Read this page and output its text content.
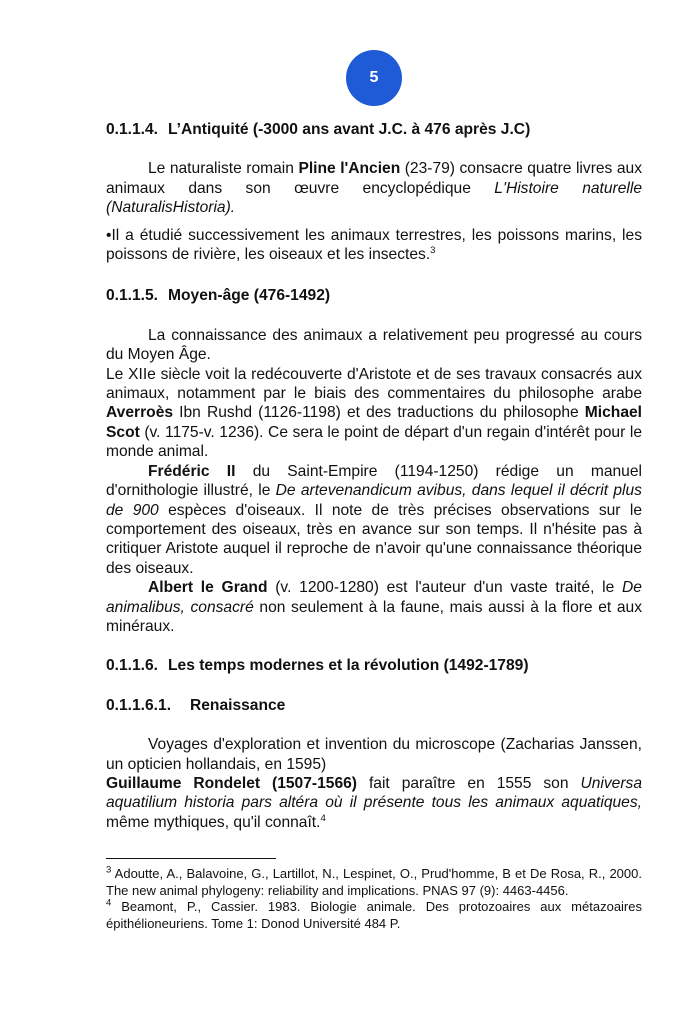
5
0.1.1.4. L’Antiquité (-3000 ans avant J.C. à 476 après J.C)

Le naturaliste romain Pline l'Ancien (23-79) consacre quatre livres aux animaux dans son œuvre encyclopédique L'Histoire naturelle (NaturalisHistoria).

•Il a étudié successivement les animaux terrestres, les poissons marins, les poissons de rivière, les oiseaux et les insectes.$^3$

0.1.1.5. Moyen-âge (476-1492)

La connaissance des animaux a relativement peu progressé au cours du Moyen Âge.

Le XIIe siècle voit la redécouverte d'Aristote et de ses travaux consacrés aux animaux, notamment par le biais des commentaires du philosophe arabe Averroès Ibn Rushd (1126-1198) et des traductions du philosophe Michael Scot (v. 1175-v. 1236). Ce sera le point de départ d'un regain d'intérêt pour le monde animal.

Frédéric II du Saint-Empire (1194-1250) rédige un manuel d'ornithologie illustré, le De artevenandicum avibus, dans lequel il décrit plus de 900 espèces d'oiseaux. Il note de très précises observations sur le comportement des oiseaux, très en avance sur son temps. Il n'hésite pas à critiquer Aristote auquel il reproche de n'avoir qu'une connaissance théorique des oiseaux.

Albert le Grand (v. 1200-1280) est l'auteur d'un vaste traité, le De animalibus, consacré non seulement à la faune, mais aussi à la flore et aux minéraux.

0.1.1.6. Les temps modernes et la révolution (1492-1789)
0.1.1.6.1. Renaissance

Voyages d'exploration et invention du microscope (Zacharias Janssen, un opticien hollandais, en 1595)

Guillaume Rondelet (1507-1566) fait paraître en 1555 son Universa aquatilium historia pars altéra où il présente tous les animaux aquatiques, même mythiques, qu'il connaît.$^4$

$^3$ Adoutte, A., Balavoine, G., Lartillot, N., Lespinet, O., Prud'homme, B et De Rosa, R., 2000. The new animal phylogeny: reliability and implications. PNAS 97 (9): 4463-4456.

$^4$ Beamont, P., Cassier. 1983. Biologie animale. Des protozoaires aux métazoaires épithélioneuriens. Tome 1: Donod Université 484 P.
